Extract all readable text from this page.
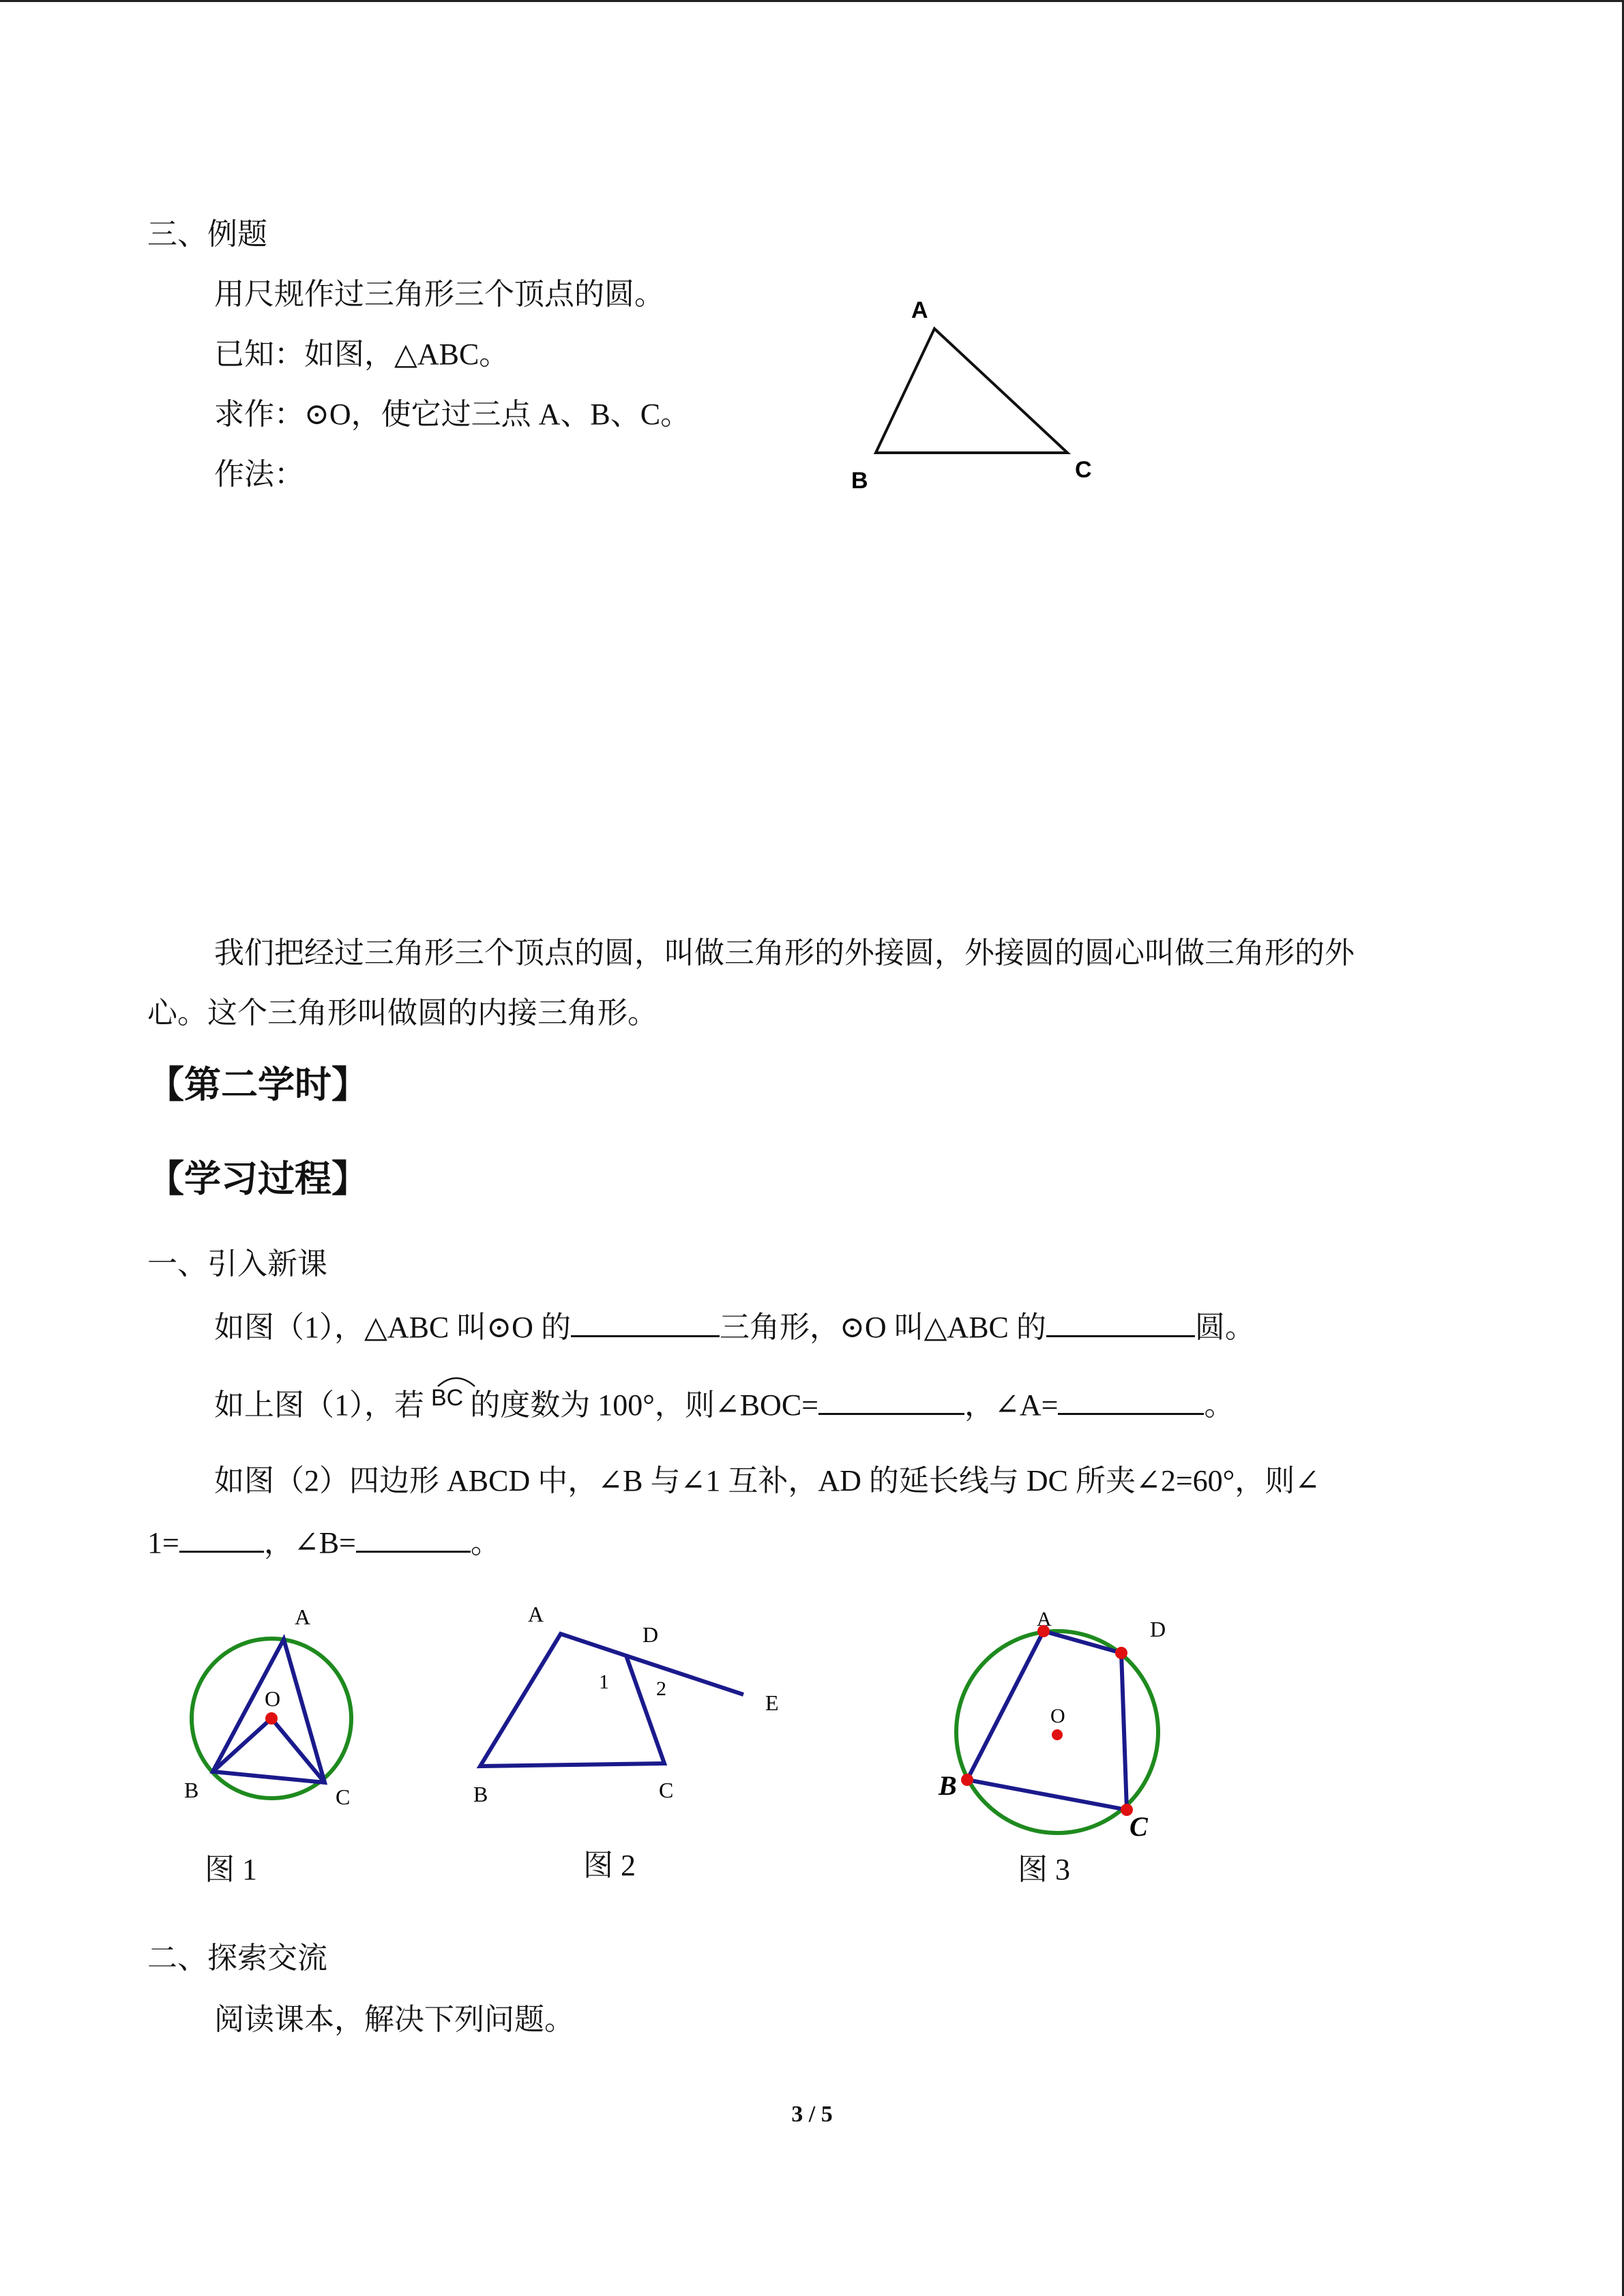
三、例题
用尺规作过三角形三个顶点的圆。
已知：如图，△ABC。
求作：⊙O，使它过三点 A、B、C。
作法：
A
B	C
我们把经过三角形三个顶点的圆，叫做三角形的外接圆，外接圆的圆心叫做三角形的外
心。这个三角形叫做圆的内接三角形。
【第二学时】
【学习过程】
一、引入新课
如图（1），△ABC 叫⊙O 的	三角形，⊙O 叫△ABC 的	圆。
如上图（1），若 $^{BC}$ 的度数为 100°，则∠BOC=	，∠A=	。
如图（2）四边形 ABCD 中，∠B 与∠1 互补，AD 的延长线与 DC 所夹∠2=60°，则∠
1=	，∠B=	。
A
O
B	C
图 1
A
D
1 2
E
B	C
图 2
A	D
O
B
C
图 3
二、探索交流
阅读课本，解决下列问题。
3 / 5
